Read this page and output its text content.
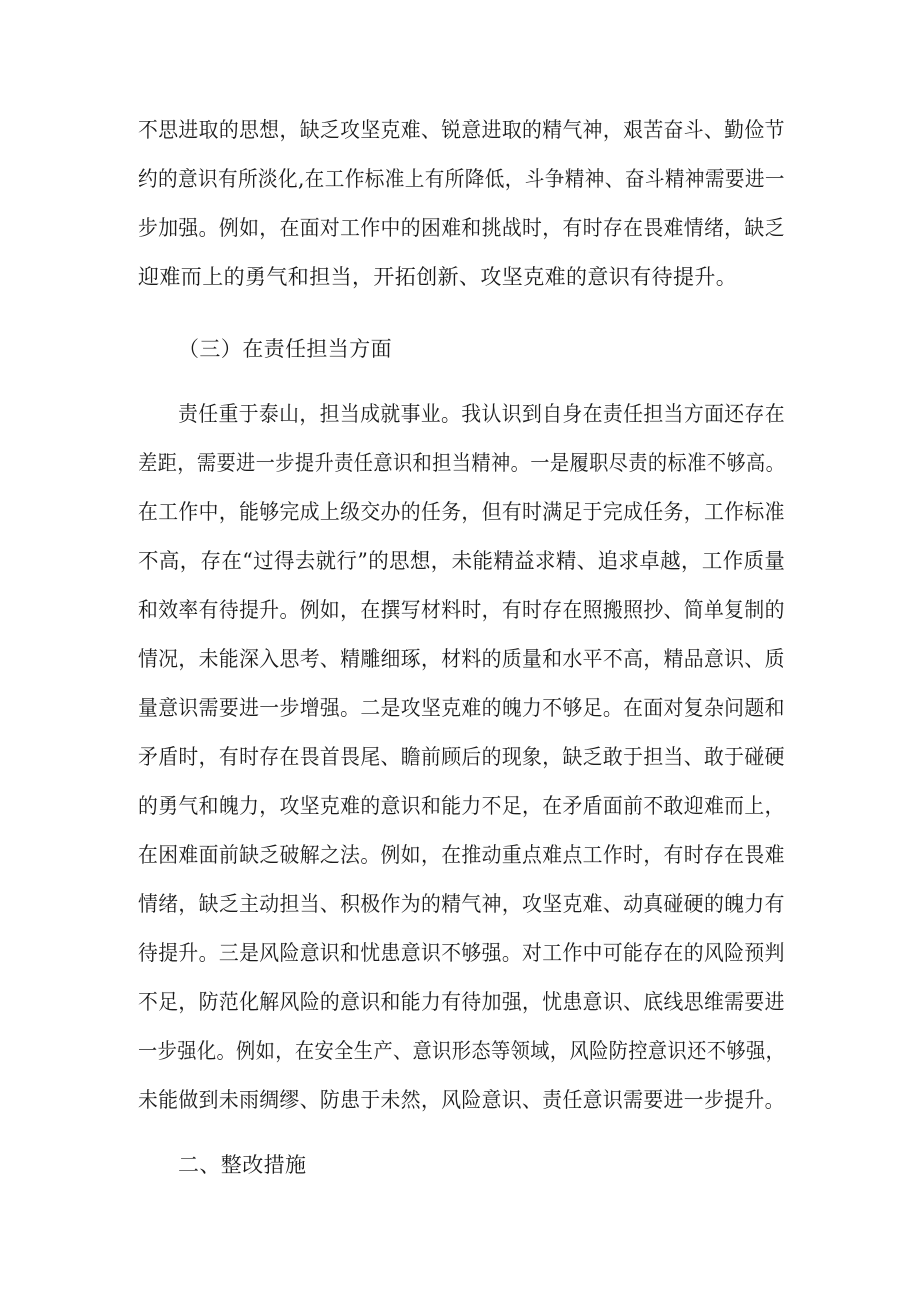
不思进取的思想，缺乏攻坚克难、锐意进取的精气神，艰苦奋斗、勤俭节
约的意识有所淡化,在工作标准上有所降低，斗争精神、奋斗精神需要进一
步加强。例如，在面对工作中的困难和挑战时，有时存在畏难情绪，缺乏
迎难而上的勇气和担当，开拓创新、攻坚克难的意识有待提升。
（三）在责任担当方面
责任重于泰山，担当成就事业。我认识到自身在责任担当方面还存在
差距，需要进一步提升责任意识和担当精神。一是履职尽责的标准不够高。
在工作中，能够完成上级交办的任务，但有时满足于完成任务，工作标准
不高，存在“过得去就行”的思想，未能精益求精、追求卓越，工作质量
和效率有待提升。例如，在撰写材料时，有时存在照搬照抄、简单复制的
情况，未能深入思考、精雕细琢，材料的质量和水平不高，精品意识、质
量意识需要进一步增强。二是攻坚克难的魄力不够足。在面对复杂问题和
矛盾时，有时存在畏首畏尾、瞻前顾后的现象，缺乏敢于担当、敢于碰硬
的勇气和魄力，攻坚克难的意识和能力不足，在矛盾面前不敢迎难而上，
在困难面前缺乏破解之法。例如，在推动重点难点工作时，有时存在畏难
情绪，缺乏主动担当、积极作为的精气神，攻坚克难、动真碰硬的魄力有
待提升。三是风险意识和忧患意识不够强。对工作中可能存在的风险预判
不足，防范化解风险的意识和能力有待加强，忧患意识、底线思维需要进
一步强化。例如，在安全生产、意识形态等领域，风险防控意识还不够强，
未能做到未雨绸缪、防患于未然，风险意识、责任意识需要进一步提升。
二、整改措施
